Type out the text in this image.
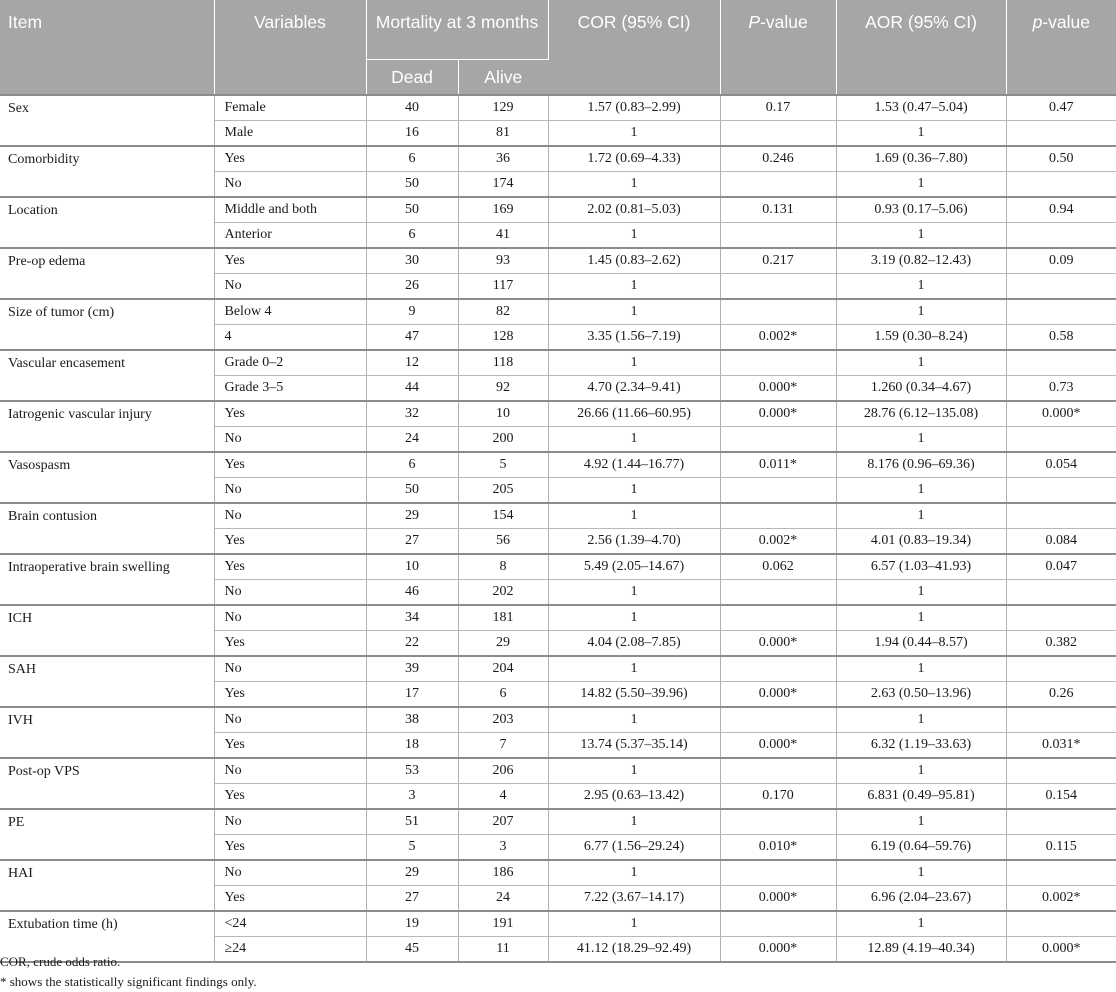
Item	Variables	Mortality at 3 months		COR (95% CI)	P-value	AOR (95% CI)	p-value
		Dead	Alive				
Sex	Female	40	129	1.57 (0.83–2.99)	0.17	1.53 (0.47–5.04)	0.47
	Male	16	81	1		1	
Comorbidity	Yes	6	36	1.72 (0.69–4.33)	0.246	1.69 (0.36–7.80)	0.50
	No	50	174	1		1	
Location	Middle and both	50	169	2.02 (0.81–5.03)	0.131	0.93 (0.17–5.06)	0.94
	Anterior	6	41	1		1	
Pre-op edema	Yes	30	93	1.45 (0.83–2.62)	0.217	3.19 (0.82–12.43)	0.09
	No	26	117	1		1	
Size of tumor (cm)	Below 4	9	82	1		1	
	4	47	128	3.35 (1.56–7.19)	0.002*	1.59 (0.30–8.24)	0.58
Vascular encasement	Grade 0–2	12	118	1		1	
	Grade 3–5	44	92	4.70 (2.34–9.41)	0.000*	1.260 (0.34–4.67)	0.73
Iatrogenic vascular injury	Yes	32	10	26.66 (11.66–60.95)	0.000*	28.76 (6.12–135.08)	0.000*
	No	24	200	1		1	
Vasospasm	Yes	6	5	4.92 (1.44–16.77)	0.011*	8.176 (0.96–69.36)	0.054
	No	50	205	1		1	
Brain contusion	No	29	154	1		1	
	Yes	27	56	2.56 (1.39–4.70)	0.002*	4.01 (0.83–19.34)	0.084
Intraoperative brain swelling	Yes	10	8	5.49 (2.05–14.67)	0.062	6.57 (1.03–41.93)	0.047
	No	46	202	1		1	
ICH	No	34	181	1		1	
	Yes	22	29	4.04 (2.08–7.85)	0.000*	1.94 (0.44–8.57)	0.382
SAH	No	39	204	1		1	
	Yes	17	6	14.82 (5.50–39.96)	0.000*	2.63 (0.50–13.96)	0.26
IVH	No	38	203	1		1	
	Yes	18	7	13.74 (5.37–35.14)	0.000*	6.32 (1.19–33.63)	0.031*
Post-op VPS	No	53	206	1		1	
	Yes	3	4	2.95 (0.63–13.42)	0.170	6.831 (0.49–95.81)	0.154
PE	No	51	207	1		1	
	Yes	5	3	6.77 (1.56–29.24)	0.010*	6.19 (0.64–59.76)	0.115
HAI	No	29	186	1		1	
	Yes	27	24	7.22 (3.67–14.17)	0.000*	6.96 (2.04–23.67)	0.002*
Extubation time (h)	<24	19	191	1		1	
	≥24	45	11	41.12 (18.29–92.49)	0.000*	12.89 (4.19–40.34)	0.000*
COR, crude odds ratio.
* shows the statistically significant findings only.
